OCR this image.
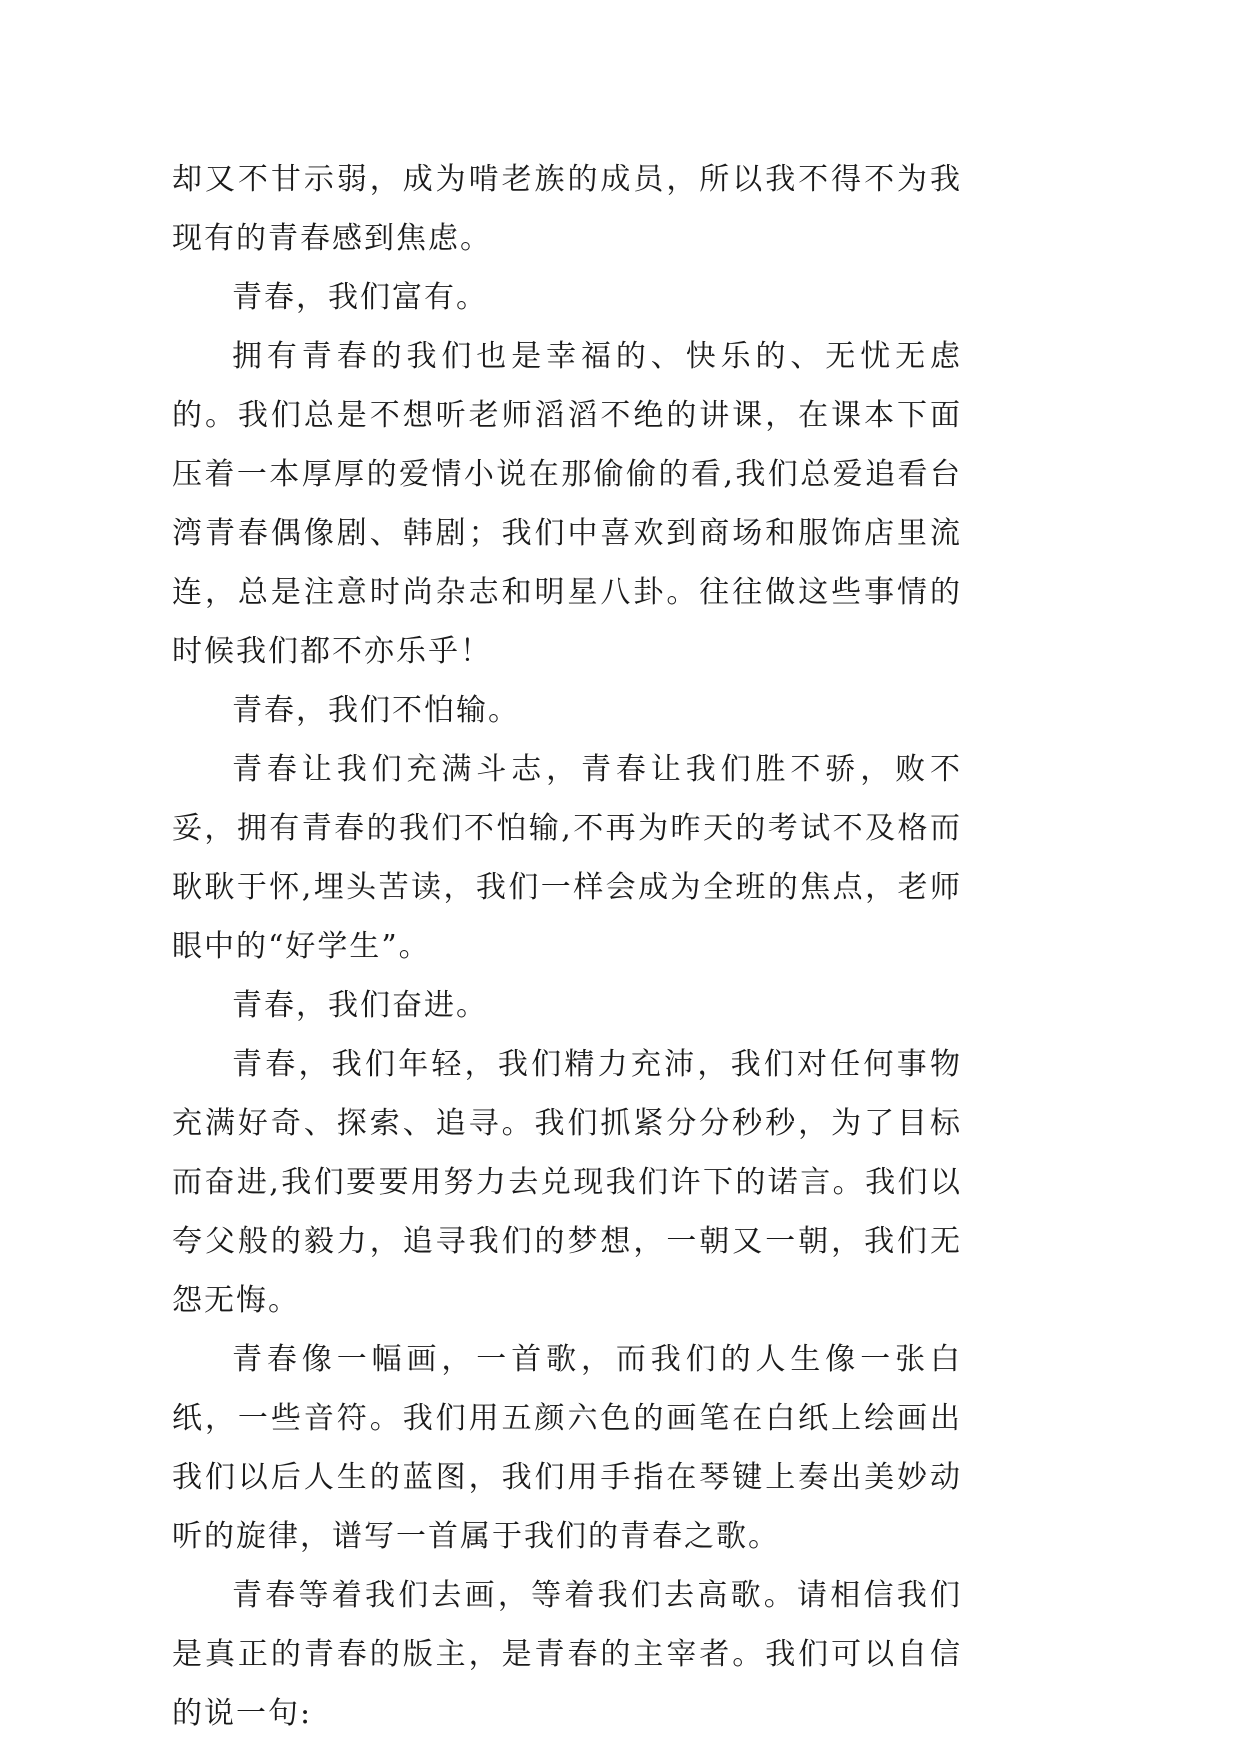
却又不甘示弱，成为啃老族的成员，所以我不得不为我现有的青春感到焦虑。

青春，我们富有。

拥有青春的我们也是幸福的、快乐的、无忧无虑的。我们总是不想听老师滔滔不绝的讲课，在课本下面压着一本厚厚的爱情小说在那偷偷的看,我们总爱追看台湾青春偶像剧、韩剧；我们中喜欢到商场和服饰店里流连，总是注意时尚杂志和明星八卦。往往做这些事情的时候我们都不亦乐乎！

青春，我们不怕输。

青春让我们充满斗志，青春让我们胜不骄，败不妥，拥有青春的我们不怕输,不再为昨天的考试不及格而耿耿于怀,埋头苦读，我们一样会成为全班的焦点，老师眼中的“好学生”。

青春，我们奋进。

青春，我们年轻，我们精力充沛，我们对任何事物充满好奇、探索、追寻。我们抓紧分分秒秒，为了目标而奋进,我们要要用努力去兑现我们许下的诺言。我们以夸父般的毅力，追寻我们的梦想，一朝又一朝，我们无怨无悔。

青春像一幅画，一首歌，而我们的人生像一张白纸，一些音符。我们用五颜六色的画笔在白纸上绘画出我们以后人生的蓝图，我们用手指在琴键上奏出美妙动听的旋律，谱写一首属于我们的青春之歌。

青春等着我们去画，等着我们去高歌。请相信我们是真正的青春的版主，是青春的主宰者。我们可以自信的说一句:
